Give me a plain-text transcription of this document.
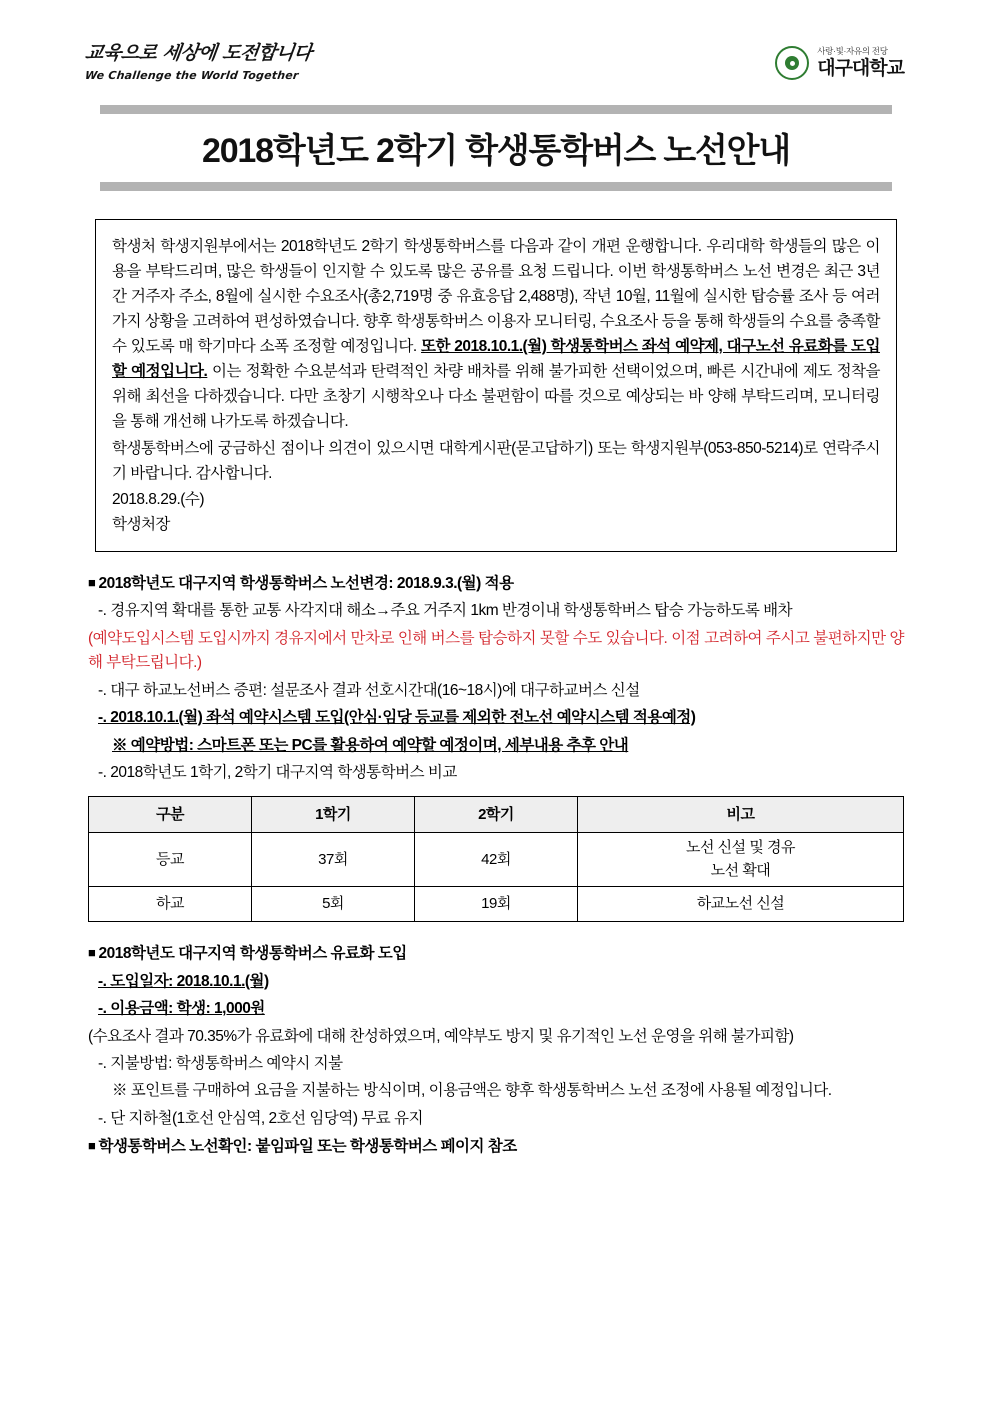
교육으로 세상에 도전합니다
We Challenge the World Together
사랑·빛·자유의 전당
대구대학교
2018학년도 2학기 학생통학버스 노선안내

학생처 학생지원부에서는 2018학년도 2학기 학생통학버스를 다음과 같이 개편 운행합니다. 우리대학 학생들의 많은 이용을 부탁드리며, 많은 학생들이 인지할 수 있도록 많은 공유를 요청 드립니다. 이번 학생통학버스 노선 변경은 최근 3년간 거주자 주소, 8월에 실시한 수요조사(총2,719명 중 유효응답 2,488명), 작년 10월, 11월에 실시한 탑승률 조사 등 여러 가지 상황을 고려하여 편성하였습니다. 향후 학생통학버스 이용자 모니터링, 수요조사 등을 통해 학생들의 수요를 충족할 수 있도록 매 학기마다 소폭 조정할 예정입니다. 또한 2018.10.1.(월) 학생통학버스 좌석 예약제, 대구노선 유료화를 도입할 예정입니다. 이는 정확한 수요분석과 탄력적인 차량 배차를 위해 불가피한 선택이었으며, 빠른 시간내에 제도 정착을 위해 최선을 다하겠습니다. 다만 초창기 시행착오나 다소 불편함이 따를 것으로 예상되는 바 양해 부탁드리며, 모니터링을 통해 개선해 나가도록 하겠습니다.

학생통학버스에 궁금하신 점이나 의견이 있으시면 대학게시판(묻고답하기) 또는 학생지원부(053-850-5214)로 연락주시기 바랍니다. 감사합니다.

2018.8.29.(수)

학생처장

■ 2018학년도 대구지역 학생통학버스 노선변경: 2018.9.3.(월) 적용
-. 경유지역 확대를 통한 교통 사각지대 해소→주요 거주지 1km 반경이내 학생통학버스 탑승 가능하도록 배차
(예약도입시스템 도입시까지 경유지에서 만차로 인해 버스를 탑승하지 못할 수도 있습니다. 이점 고려하여 주시고 불편하지만 양해 부탁드립니다.)
-. 대구 하교노선버스 증편: 설문조사 결과 선호시간대(16~18시)에 대구하교버스 신설
-. 2018.10.1.(월) 좌석 예약시스템 도입(안심·임당 등교를 제외한 전노선 예약시스템 적용예정)
※ 예약방법: 스마트폰 또는 PC를 활용하여 예약할 예정이며, 세부내용 추후 안내
-. 2018학년도 1학기, 2학기 대구지역 학생통학버스 비교
구분	1학기	2학기	비고
등교	37회	42회	노선 신설 및 경유
노선 확대

하교	5회	19회	하교노선 신설
■ 2018학년도 대구지역 학생통학버스 유료화 도입
-. 도입일자: 2018.10.1.(월)
-. 이용금액: 학생: 1,000원
(수요조사 결과 70.35%가 유료화에 대해 찬성하였으며, 예약부도 방지 및 유기적인 노선 운영을 위해 불가피함)
-. 지불방법: 학생통학버스 예약시 지불
※ 포인트를 구매하여 요금을 지불하는 방식이며, 이용금액은 향후 학생통학버스 노선 조정에 사용될 예정입니다.
-. 단 지하철(1호선 안심역, 2호선 임당역) 무료 유지
■ 학생통학버스 노선확인: 붙임파일 또는 학생통학버스 페이지 참조
